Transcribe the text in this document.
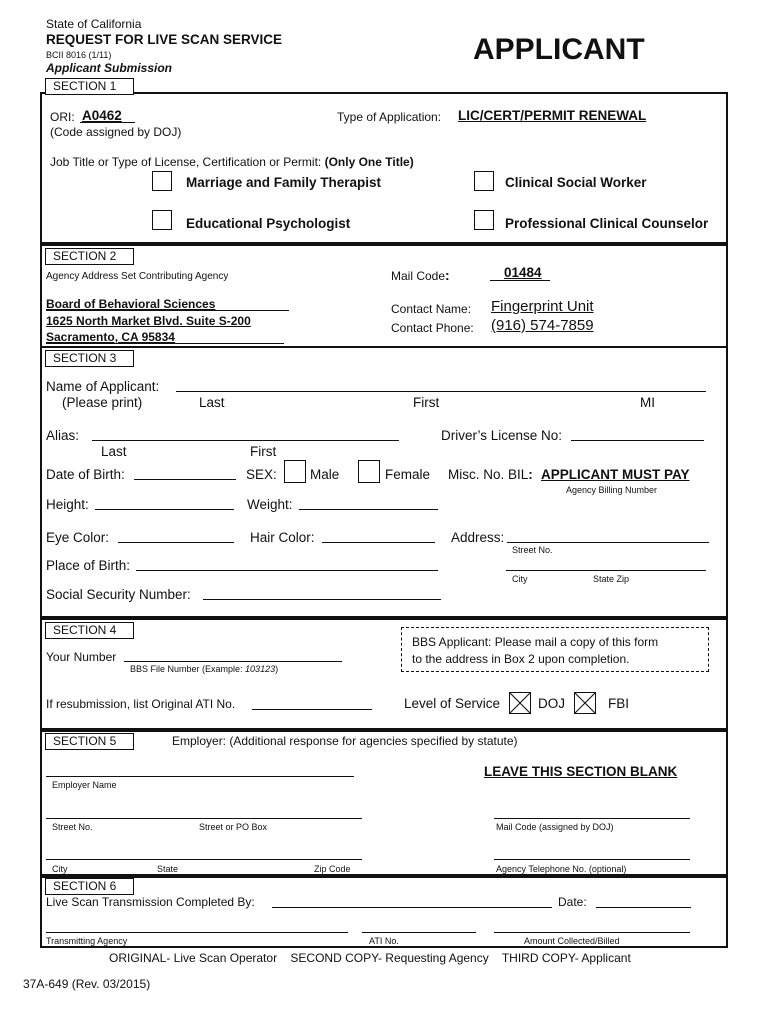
State of California
REQUEST FOR LIVE SCAN SERVICE
BCII 8016 (1/11)
Applicant Submission
APPLICANT
SECTION 1
ORI: A0462
(Code assigned by DOJ)
Type of Application: LIC/CERT/PERMIT RENEWAL
Job Title or Type of License, Certification or Permit: (Only One Title)
Marriage and Family Therapist	Clinical Social Worker
Educational Psychologist	Professional Clinical Counselor
SECTION 2
Agency Address Set Contributing Agency
Board of Behavioral Sciences
1625 North Market Blvd. Suite S-200
Sacramento, CA 95834
Mail Code:	01484
Contact Name: Fingerprint Unit
Contact Phone: (916) 574-7859
SECTION 3
Name of Applicant:
(Please print)	Last	First	MI
Alias:
Last	First
Driver’s License No:
Date of Birth:	SEX: Male	Female Misc. No. BIL: APPLICANT MUST PAY
Agency Billing Number
Height:	Weight:
Eye Color:	Hair Color:	Address:
Street No.
Place of Birth:
City	State Zip
Social Security Number:
SECTION 4
Your Number
BBS File Number (Example: 103123)
BBS Applicant: Please mail a copy of this form
to the address in Box 2 upon completion.
If resubmission, list Original ATI No.	Level of Service	DOJ	FBI
SECTION 5	Employer: (Additional response for agencies specified by statute)
LEAVE THIS SECTION BLANK
Employer Name
Street No.	Street or PO Box	Mail Code (assigned by DOJ)
City	State	Zip Code	Agency Telephone No. (optional)
SECTION 6
Live Scan Transmission Completed By:	Date:
Transmitting Agency	ATI No.	Amount Collected/Billed
ORIGINAL- Live Scan Operator    SECOND COPY- Requesting Agency    THIRD COPY- Applicant
37A-649 (Rev. 03/2015)
